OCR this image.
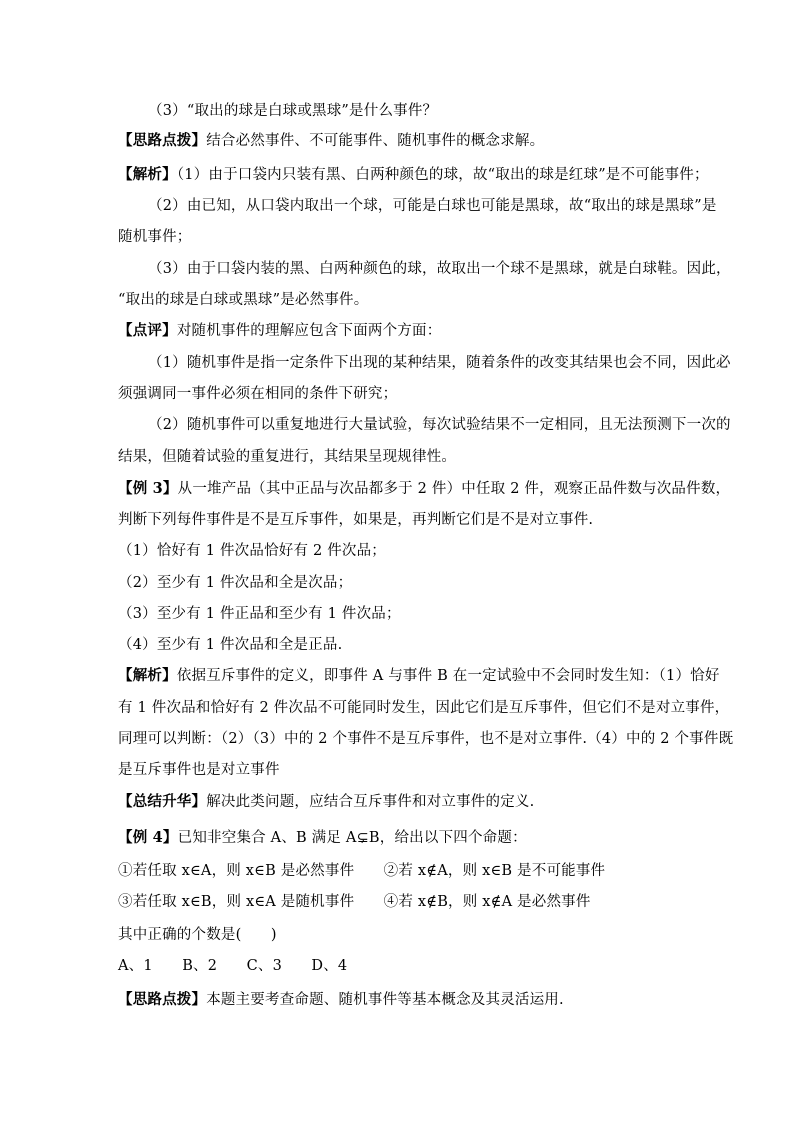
（3）“取出的球是白球或黑球”是什么事件？
【思路点拨】结合必然事件、不可能事件、随机事件的概念求解。
【解析】（1）由于口袋内只装有黑、白两种颜色的球，故“取出的球是红球”是不可能事件；
（2）由已知，从口袋内取出一个球，可能是白球也可能是黑球，故“取出的球是黑球”是
随机事件；
（3）由于口袋内装的黑、白两种颜色的球，故取出一个球不是黑球，就是白球鞋。因此，
“取出的球是白球或黑球”是必然事件。
【点评】对随机事件的理解应包含下面两个方面：
（1）随机事件是指一定条件下出现的某种结果，随着条件的改变其结果也会不同，因此必
须强调同一事件必须在相同的条件下研究；
（2）随机事件可以重复地进行大量试验，每次试验结果不一定相同，且无法预测下一次的
结果，但随着试验的重复进行，其结果呈现规律性。
【例 3】从一堆产品（其中正品与次品都多于 2 件）中任取 2 件，观察正品件数与次品件数，
判断下列每件事件是不是互斥事件，如果是，再判断它们是不是对立事件.
（1）恰好有 1 件次品恰好有 2 件次品；
（2）至少有 1 件次品和全是次品；
（3）至少有 1 件正品和至少有 1 件次品；
（4）至少有 1 件次品和全是正品.
【解析】依据互斥事件的定义，即事件 A 与事件 B 在一定试验中不会同时发生知：（1）恰好
有 1 件次品和恰好有 2 件次品不可能同时发生，因此它们是互斥事件，但它们不是对立事件，
同理可以判断：（2）（3）中的 2 个事件不是互斥事件，也不是对立事件.（4）中的 2 个事件既
是互斥事件也是对立事件
【总结升华】解决此类问题，应结合互斥事件和对立事件的定义.
【例 4】已知非空集合 A、B 满足 A⊊B，给出以下四个命题：
①若任取 x∈A，则 x∈B 是必然事件　　②若 x∉A，则 x∈B 是不可能事件
③若任取 x∈B，则 x∈A 是随机事件　　④若 x∉B，则 x∉A 是必然事件
其中正确的个数是(　　)
A、1　　B、2　　C、3　　D、4
【思路点拨】本题主要考查命题、随机事件等基本概念及其灵活运用.
